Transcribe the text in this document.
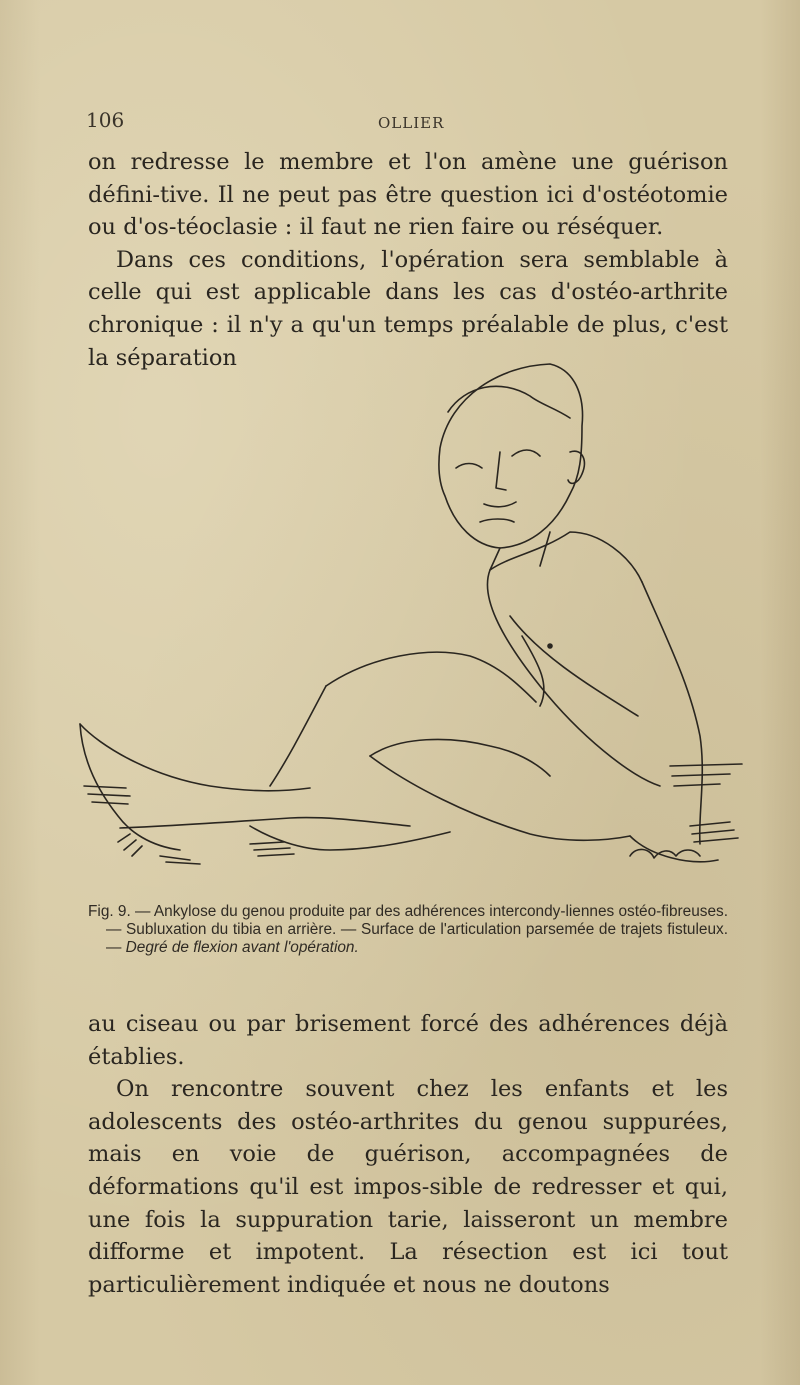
106	OLLIER

on redresse le membre et l'on amène une guérison défini-tive. Il ne peut pas être question ici d'ostéotomie ou d'os-téoclasie : il faut ne rien faire ou réséquer.

Dans ces conditions, l'opération sera semblable à celle qui est applicable dans les cas d'ostéo-arthrite chronique : il n'y a qu'un temps préalable de plus, c'est la séparation

Fig. 9. — Ankylose du genou produite par des adhérences intercondy-liennes ostéo-fibreuses. — Subluxation du tibia en arrière. — Surface de l'articulation parsemée de trajets fistuleux. — Degré de flexion avant l'opération.

au ciseau ou par brisement forcé des adhérences déjà établies.

On rencontre souvent chez les enfants et les adolescents des ostéo-arthrites du genou suppurées, mais en voie de guérison, accompagnées de déformations qu'il est impos-sible de redresser et qui, une fois la suppuration tarie, laisseront un membre difforme et impotent. La résection est ici tout particulièrement indiquée et nous ne doutons
